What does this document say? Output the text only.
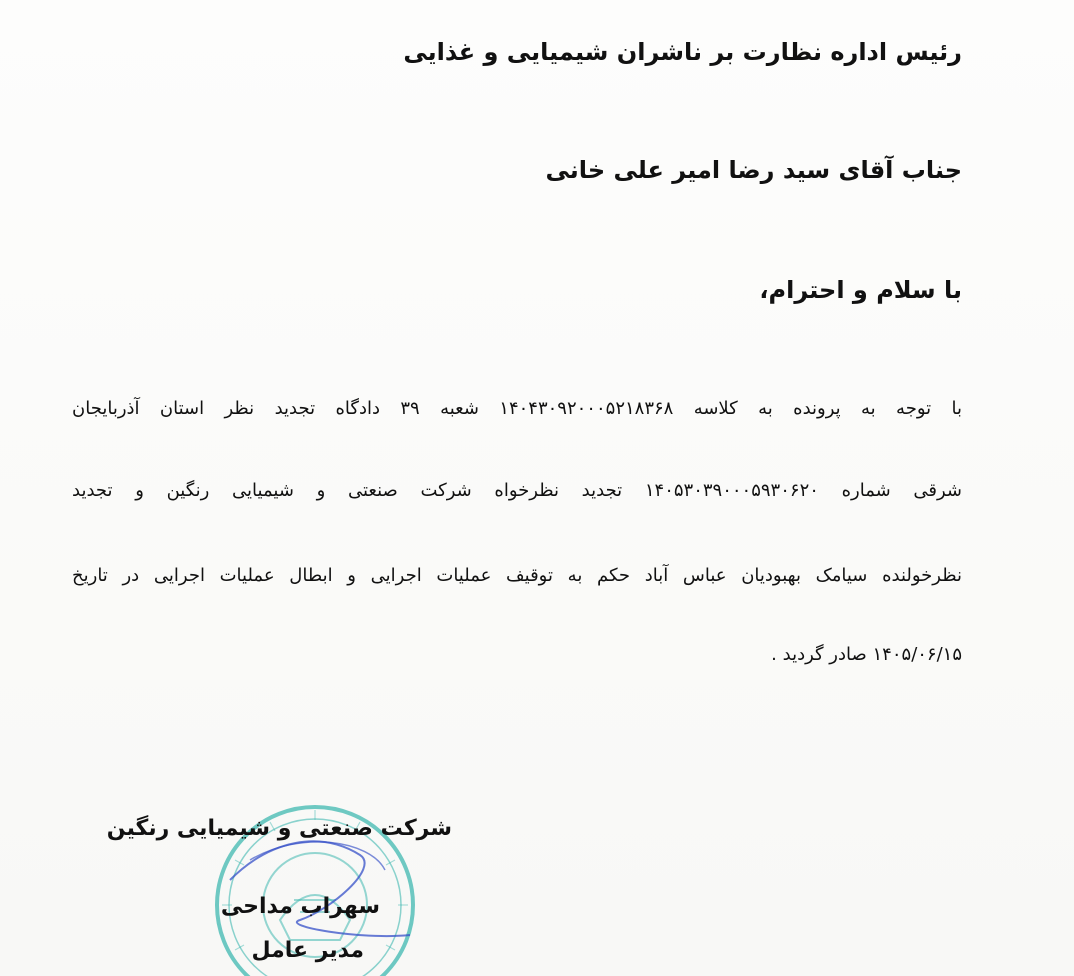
رئیس اداره نظارت بر ناشران شیمیایی و غذایی
جناب آقای سید رضا امیر علی خانی
با سلام و احترام،
با توجه به پرونده به کلاسه ۱۴۰۴۳۰۹۲۰۰۰۵۲۱۸۳۶۸ شعبه ۳۹ دادگاه تجدید نظر استان آذربایجان
شرقی شماره ۱۴۰۵۳۰۳۹۰۰۰۵۹۳۰۶۲۰ تجدید نظرخواه شرکت صنعتی و شیمیایی رنگین و تجدید
نظرخولنده سیامک بهبودیان عباس آباد حکم به توقیف عملیات اجرایی و ابطال عملیات اجرایی در تاریخ
۱۴۰۵/۰۶/۱۵ صادر گردید .
شرکت صنعتی و شیمیایی رنگین
سهراب مداحی
مدیر عامل
